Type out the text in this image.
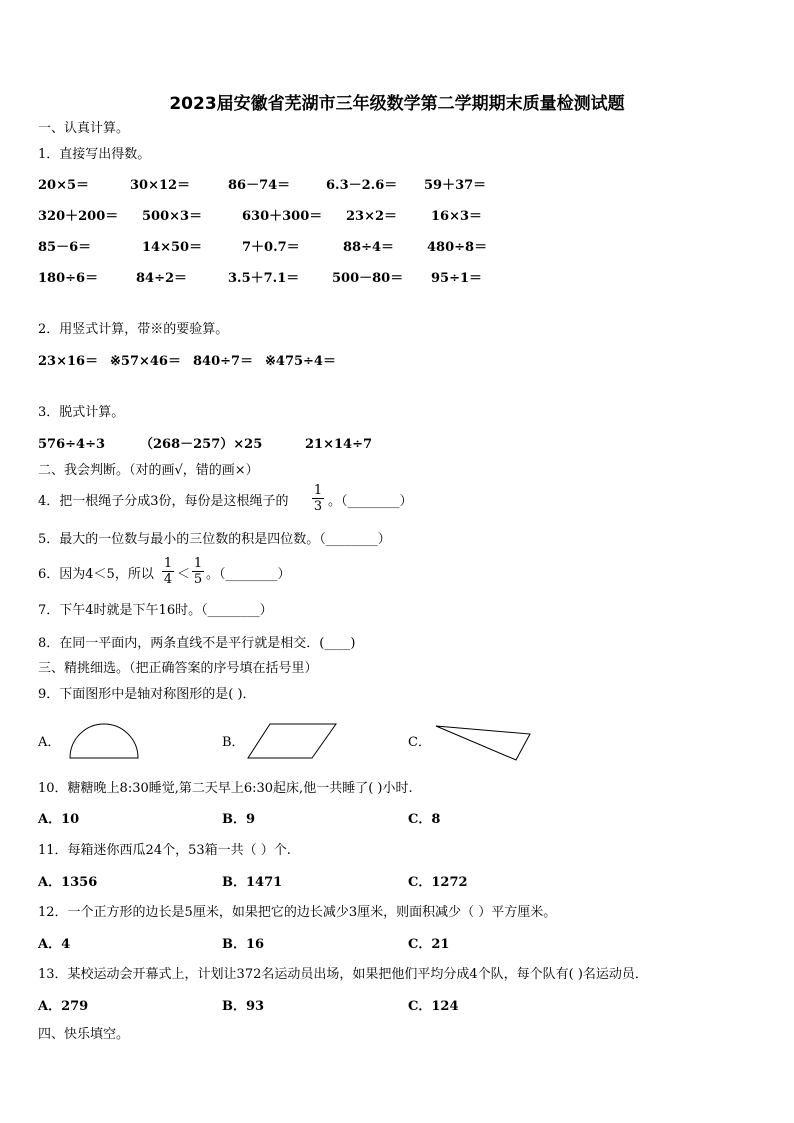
2023届安徽省芜湖市三年级数学第二学期期末质量检测试题
一、认真计算。
1．直接写出得数。
20×5＝	30×12＝	86－74＝	6.3－2.6＝ 59＋37＝
320＋200＝ 500×3＝	630＋300＝ 23×2＝	16×3＝
85－6＝	14×50＝	7＋0.7＝	88÷4＝	480÷8＝
180÷6＝	84÷2＝	3.5＋7.1＝	500－80＝ 95÷1＝
2．用竖式计算，带※的要验算。
23×16＝ ※57×46＝ 840÷7＝ ※475÷4＝
3．脱式计算。
576÷4÷3	（268－257）×25	21×14÷7
二、我会判断。（对的画√，错的画×）
4．把一根绳子分成3份，每份是这根绳子的
1
3 。（________）
5．最大的一位数与最小的三位数的积是四位数。（________）
6．因为4＜5，所以
1
4 ＜
1
5 。（________）
7．下午4时就是下午16时。（________）
8．在同一平面内，两条直线不是平行就是相交．(____)
三、精挑细选。（把正确答案的序号填在括号里）
9．下面图形中是轴对称图形的是( )．
A．	B．	C．
10．糖糖晚上8:30睡觉,第二天早上6:30起床,他一共睡了( )小时.
A．10	B．9	C．8
11．每箱迷你西瓜24个，53箱一共（ ）个.
A．1356	B．1471	C．1272
12．一个正方形的边长是5厘米，如果把它的边长减少3厘米，则面积减少（ ）平方厘米。
A．4	B．16	C．21
13．某校运动会开幕式上，计划让372名运动员出场，如果把他们平均分成4个队，每个队有( )名运动员．
A．279	B．93	C．124
四、快乐填空。
